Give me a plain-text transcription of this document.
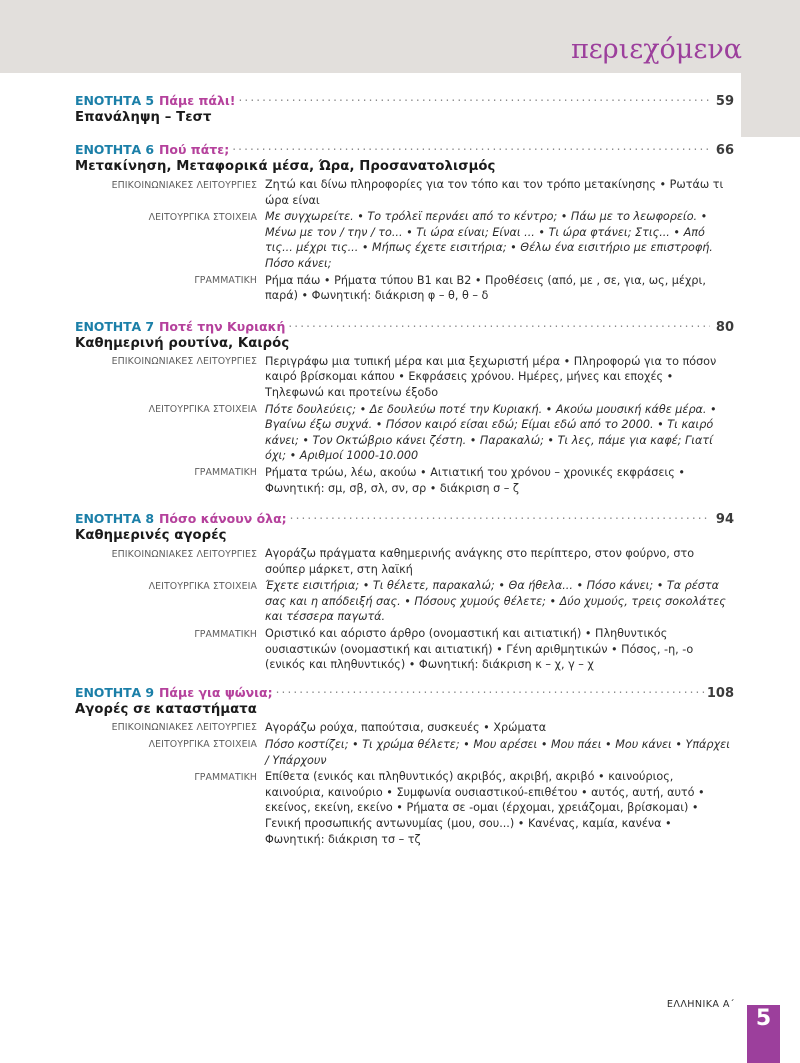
περιεχόμενα
ΕΝΟΤΗΤΑ 5 Πάμε πάλι! .....	59
Επανάληψη – Τεστ
ΕΝΟΤΗΤΑ 6 Πού πάτε; .....	66
Μετακίνηση, Μεταφορικά μέσα, Ώρα, Προσανατολισμός
ΕΠΙΚΟΙΝΩΝΙΑΚΕΣ ΛΕΙΤΟΥΡΓΙΕΣ Ζητώ και δίνω πληροφορίες για τον τόπο και τον τρόπο μετακίνησης • Ρωτάω τι ώρα είναι
ΛΕΙΤΟΥΡΓΙΚΑ ΣΤΟΙΧΕΙΑ Με συγχωρείτε. • Το τρόλεϊ περνάει από το κέντρο; • Πάω με το λεωφορείο. • Μένω με τον / την / το... • Τι ώρα είναι; Είναι ... • Τι ώρα φτάνει; Στις... • Από τις... μέχρι τις... • Μήπως έχετε εισιτήρια; • Θέλω ένα εισιτήριο με επιστροφή. Πόσο κάνει;
ΓΡΑΜΜΑΤΙΚΗ Ρήμα πάω • Ρήματα τύπου Β1 και Β2 • Προθέσεις (από, με , σε, για, ως, μέχρι, παρά) • Φωνητική: διάκριση φ – θ, θ – δ
ΕΝΟΤΗΤΑ 7 Ποτέ την Κυριακή .....	80
Καθημερινή ρουτίνα, Καιρός
ΕΠΙΚΟΙΝΩΝΙΑΚΕΣ ΛΕΙΤΟΥΡΓΙΕΣ Περιγράφω μια τυπική μέρα και μια ξεχωριστή μέρα • Πληροφορώ για το πόσον καιρό βρίσκομαι κάπου • Εκφράσεις χρόνου. Ημέρες, μήνες και εποχές • Τηλεφωνώ και προτείνω έξοδο
ΛΕΙΤΟΥΡΓΙΚΑ ΣΤΟΙΧΕΙΑ Πότε δουλεύεις; • Δε δουλεύω ποτέ την Κυριακή. • Ακούω μουσική κάθε μέρα. • Βγαίνω έξω συχνά. • Πόσον καιρό είσαι εδώ; Είμαι εδώ από το 2000. • Τι καιρό κάνει; • Τον Οκτώβριο κάνει ζέστη. • Παρακαλώ; • Τι λες, πάμε για καφέ; Γιατί όχι; • Αριθμοί 1000-10.000
ΓΡΑΜΜΑΤΙΚΗ Ρήματα τρώω, λέω, ακούω • Αιτιατική του χρόνου – χρονικές εκφράσεις • Φωνητική: σμ, σβ, σλ, σν, σρ • διάκριση σ – ζ
ΕΝΟΤΗΤΑ 8 Πόσο κάνουν όλα; .....	94
Καθημερινές αγορές
ΕΠΙΚΟΙΝΩΝΙΑΚΕΣ ΛΕΙΤΟΥΡΓΙΕΣ Αγοράζω πράγματα καθημερινής ανάγκης στο περίπτερο, στον φούρνο, στο σούπερ μάρκετ, στη λαϊκή
ΛΕΙΤΟΥΡΓΙΚΑ ΣΤΟΙΧΕΙΑ Έχετε εισιτήρια; • Τι θέλετε, παρακαλώ; • Θα ήθελα... • Πόσο κάνει; • Τα ρέστα σας και η απόδειξή σας. • Πόσους χυμούς θέλετε; • Δύο χυμούς, τρεις σοκολάτες και τέσσερα παγωτά.
ΓΡΑΜΜΑΤΙΚΗ Οριστικό και αόριστο άρθρο (ονομαστική και αιτιατική) • Πληθυντικός ουσιαστικών (ονομαστική και αιτιατική) • Γένη αριθμητικών • Πόσος, -η, -ο (ενικός και πληθυντικός) • Φωνητική: διάκριση κ – χ, γ – χ
ΕΝΟΤΗΤΑ 9 Πάμε για ψώνια; .....	108
Αγορές σε καταστήματα
ΕΠΙΚΟΙΝΩΝΙΑΚΕΣ ΛΕΙΤΟΥΡΓΙΕΣ Αγοράζω ρούχα, παπούτσια, συσκευές • Χρώματα
ΛΕΙΤΟΥΡΓΙΚΑ ΣΤΟΙΧΕΙΑ Πόσο κοστίζει; • Τι χρώμα θέλετε; • Μου αρέσει • Μου πάει • Μου κάνει • Υπάρχει / Υπάρχουν
ΓΡΑΜΜΑΤΙΚΗ Επίθετα (ενικός και πληθυντικός) ακριβός, ακριβή, ακριβό • καινούριος, καινούρια, καινούριο • Συμφωνία ουσιαστικού-επιθέτου • αυτός, αυτή, αυτό • εκείνος, εκείνη, εκείνο • Ρήματα σε -ομαι (έρχομαι, χρειάζομαι, βρίσκομαι) • Γενική προσωπικής αντωνυμίας (μου, σου...) • Κανένας, καμία, κανένα • Φωνητική: διάκριση τσ – τζ
ΕΛΛΗΝΙΚΑ Α΄
5
